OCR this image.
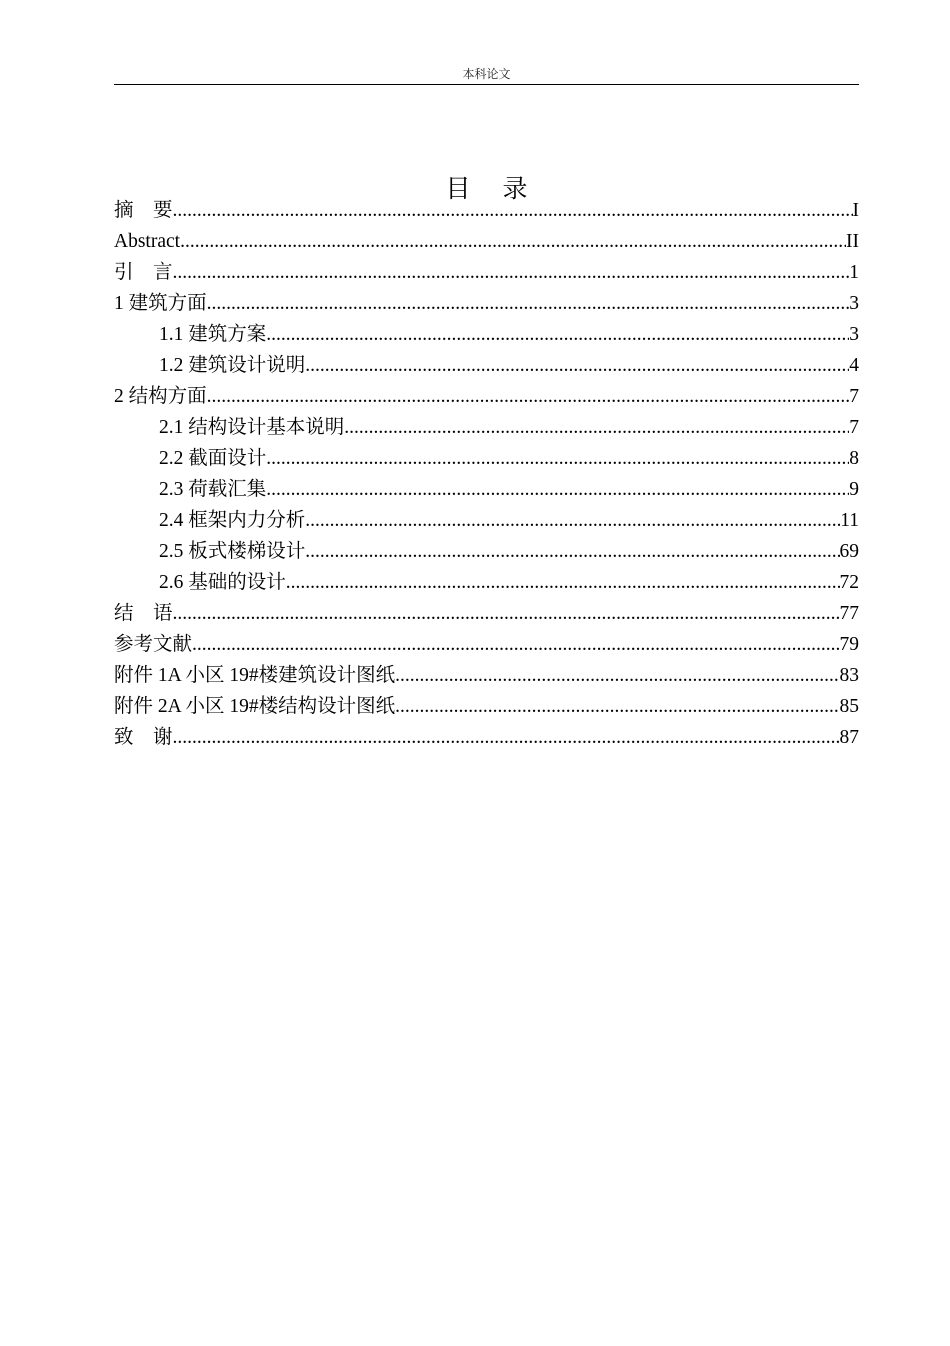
本科论文
目 录
摘    要 .....	I
Abstract .....	II
引    言 .....	1
1 建筑方面 .....	3
1.1 建筑方案 .....	3
1.2 建筑设计说明 .....	4
2 结构方面 .....	7
2.1 结构设计基本说明 .....	7
2.2 截面设计 .....	8
2.3 荷载汇集 .....	9
2.4 框架内力分析 .....	11
2.5 板式楼梯设计 .....	69
2.6 基础的设计 .....	72
结    语 .....	77
参考文献 .....	79
附件 1A 小区 19#楼建筑设计图纸 .....	83
附件 2A 小区 19#楼结构设计图纸 .....	85
致    谢 .....	87
